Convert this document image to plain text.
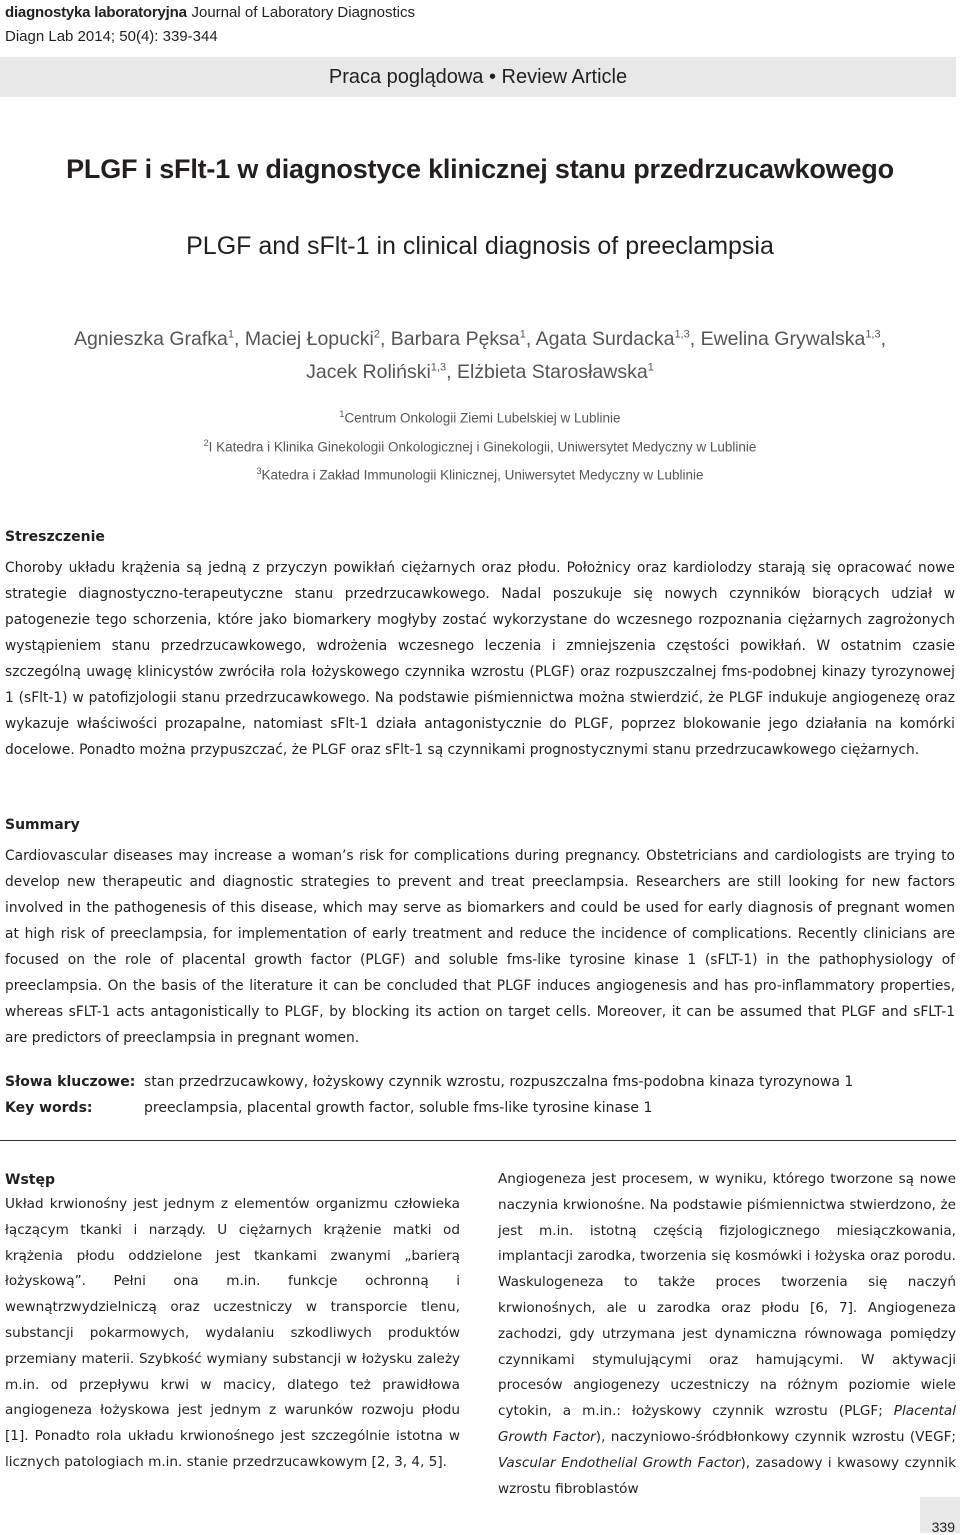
diagnostyka laboratoryjna Journal of Laboratory Diagnostics
Diagn Lab 2014; 50(4): 339-344
Praca poglądowa • Review Article
PLGF i sFlt-1 w diagnostyce klinicznej stanu przedrzucawkowego
PLGF and sFlt-1 in clinical diagnosis of preeclampsia
Agnieszka Grafka$^1$, Maciej Łopucki$^2$, Barbara Pęksa$^1$, Agata Surdacka$^{1,3}$, Ewelina Grywalska$^{1,3}$,
Jacek Roliński$^{1,3}$, Elżbieta Starosławska$^1$
$^1$Centrum Onkologii Ziemi Lubelskiej w Lublinie
$^2$I Katedra i Klinika Ginekologii Onkologicznej i Ginekologii, Uniwersytet Medyczny w Lublinie
$^3$Katedra i Zakład Immunologii Klinicznej, Uniwersytet Medyczny w Lublinie
Streszczenie

Choroby układu krążenia są jedną z przyczyn powikłań ciężarnych oraz płodu. Położnicy oraz kardiolodzy starają się opracować nowe strategie diagnostyczno-terapeutyczne stanu przedrzucawkowego. Nadal poszukuje się nowych czynników biorących udział w patogenezie tego schorzenia, które jako biomarkery mogłyby zostać wykorzystane do wczesnego rozpoznania ciężarnych zagrożonych wystąpieniem stanu przedrzucawkowego, wdrożenia wczesnego leczenia i zmniejszenia częstości powikłań. W ostatnim czasie szczególną uwagę klinicystów zwróciła rola łożyskowego czynnika wzrostu (PLGF) oraz rozpuszczalnej fms-podobnej kinazy tyrozynowej 1 (sFlt-1) w patofizjologii stanu przedrzucawkowego. Na podstawie piśmiennictwa można stwierdzić, że PLGF indukuje angiogenezę oraz wykazuje właściwości prozapalne, natomiast sFlt-1 działa antagonistycznie do PLGF, poprzez blokowanie jego działania na komórki docelowe. Ponadto można przypuszczać, że PLGF oraz sFlt-1 są czynnikami prognostycznymi stanu przedrzucawkowego ciężarnych.

Summary

Cardiovascular diseases may increase a woman’s risk for complications during pregnancy. Obstetricians and cardiologists are trying to develop new therapeutic and diagnostic strategies to prevent and treat preeclampsia. Researchers are still looking for new factors involved in the pathogenesis of this disease, which may serve as biomarkers and could be used for early diagnosis of pregnant women at high risk of preeclampsia, for implementation of early treatment and reduce the incidence of complications. Recently clinicians are focused on the role of placental growth factor (PLGF) and soluble fms-like tyrosine kinase 1 (sFLT-1) in the pathophysiology of preeclampsia. On the basis of the literature it can be concluded that PLGF induces angiogenesis and has pro-inflammatory properties, whereas sFLT-1 acts antagonistically to PLGF, by blocking its action on target cells. Moreover, it can be assumed that PLGF and sFLT-1 are predictors of preeclampsia in pregnant women.

Słowa kluczowe: stan przedrzucawkowy, łożyskowy czynnik wzrostu, rozpuszczalna fms-podobna kinaza tyrozynowa 1
Key words:	preeclampsia, placental growth factor, soluble fms-like tyrosine kinase 1
Wstęp

Układ krwionośny jest jednym z elementów organizmu człowieka łączącym tkanki i narządy. U ciężarnych krążenie matki od krążenia płodu oddzielone jest tkankami zwanymi „barierą łożyskową”. Pełni ona m.in. funkcje ochronną i wewnątrzwydzielniczą oraz uczestniczy w transporcie tlenu, substancji pokarmowych, wydalaniu szkodliwych produktów przemiany materii. Szybkość wymiany substancji w łożysku zależy m.in. od przepływu krwi w macicy, dlatego też prawidłowa angiogeneza łożyskowa jest jednym z warunków rozwoju płodu [1]. Ponadto rola układu krwionośnego jest szczególnie istotna w licznych patologiach m.in. stanie przedrzucawkowym [2, 3, 4, 5].

Angiogeneza jest procesem, w wyniku, którego tworzone są nowe naczynia krwionośne. Na podstawie piśmiennictwa stwierdzono, że jest m.in. istotną częścią fizjologicznego miesiączkowania, implantacji zarodka, tworzenia się kosmówki i łożyska oraz porodu. Waskulogeneza to także proces tworzenia się naczyń krwionośnych, ale u zarodka oraz płodu [6, 7]. Angiogeneza zachodzi, gdy utrzymana jest dynamiczna równowaga pomiędzy czynnikami stymulującymi oraz hamującymi. W aktywacji procesów angiogenezy uczestniczy na różnym poziomie wiele cytokin, a m.in.: łożyskowy czynnik wzrostu (PLGF; Placental Growth Factor), naczyniowo-śródbłonkowy czynnik wzrostu (VEGF; Vascular Endothelial Growth Factor), zasadowy i kwasowy czynnik wzrostu fibroblastów

339
